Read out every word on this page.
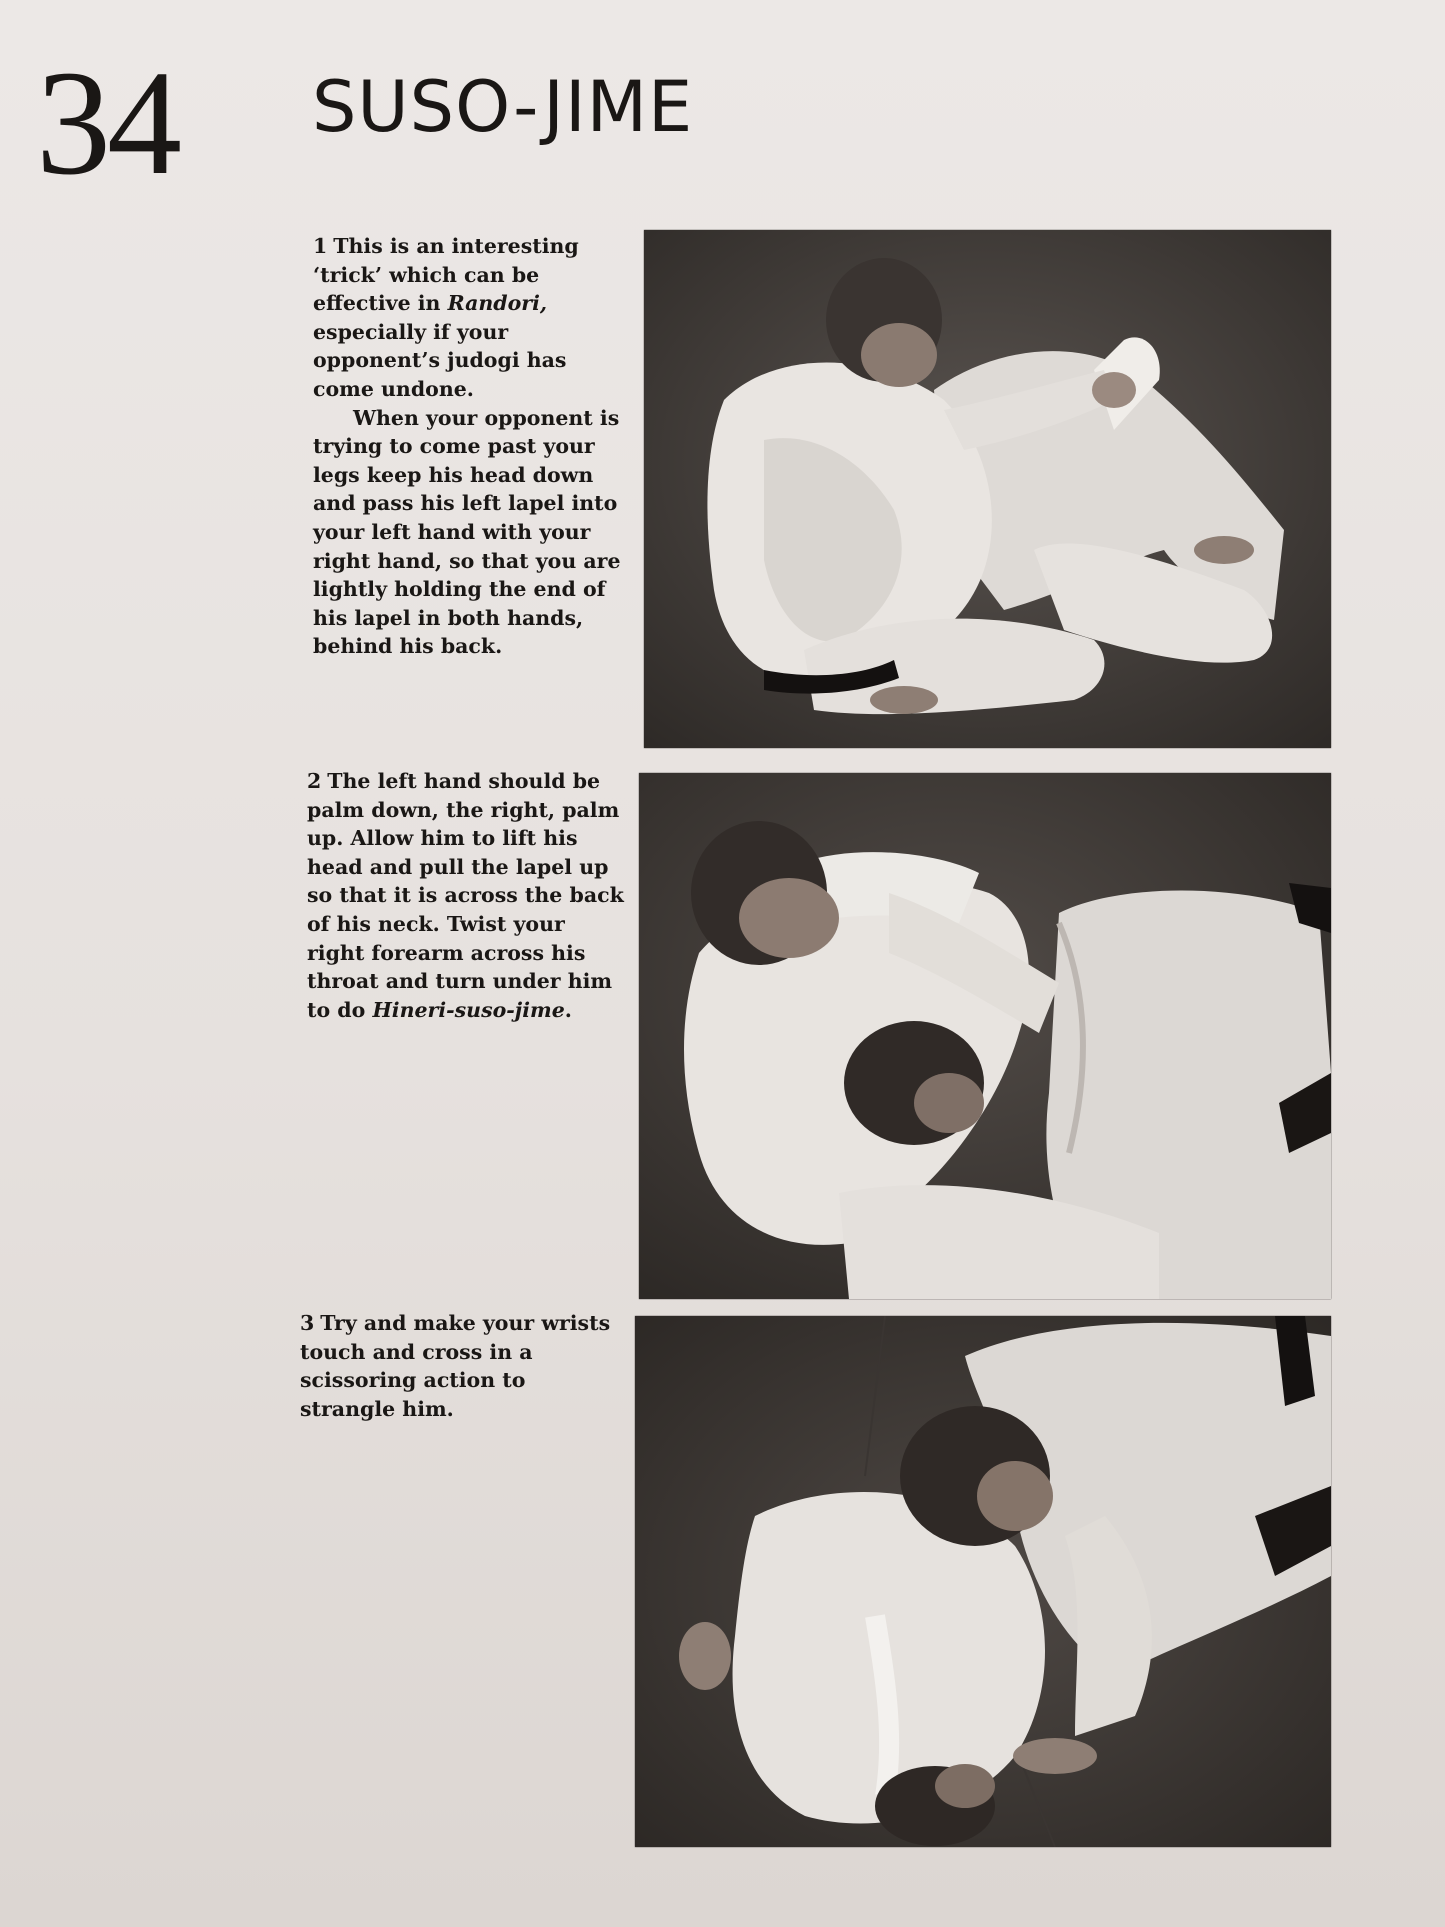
34 SUSO-JIME

1 This is an interesting ‘trick’ which can be effective in Randori, especially if your opponent’s judogi has come undone.

When your opponent is trying to come past your legs keep his head down and pass his left lapel into your left hand with your right hand, so that you are lightly holding the end of his lapel in both hands, behind his back.

2 The left hand should be palm down, the right, palm up. Allow him to lift his head and pull the lapel up so that it is across the back of his neck. Twist your right forearm across his throat and turn under him to do Hineri-suso-jime.

3 Try and make your wrists touch and cross in a scissoring action to strangle him.
